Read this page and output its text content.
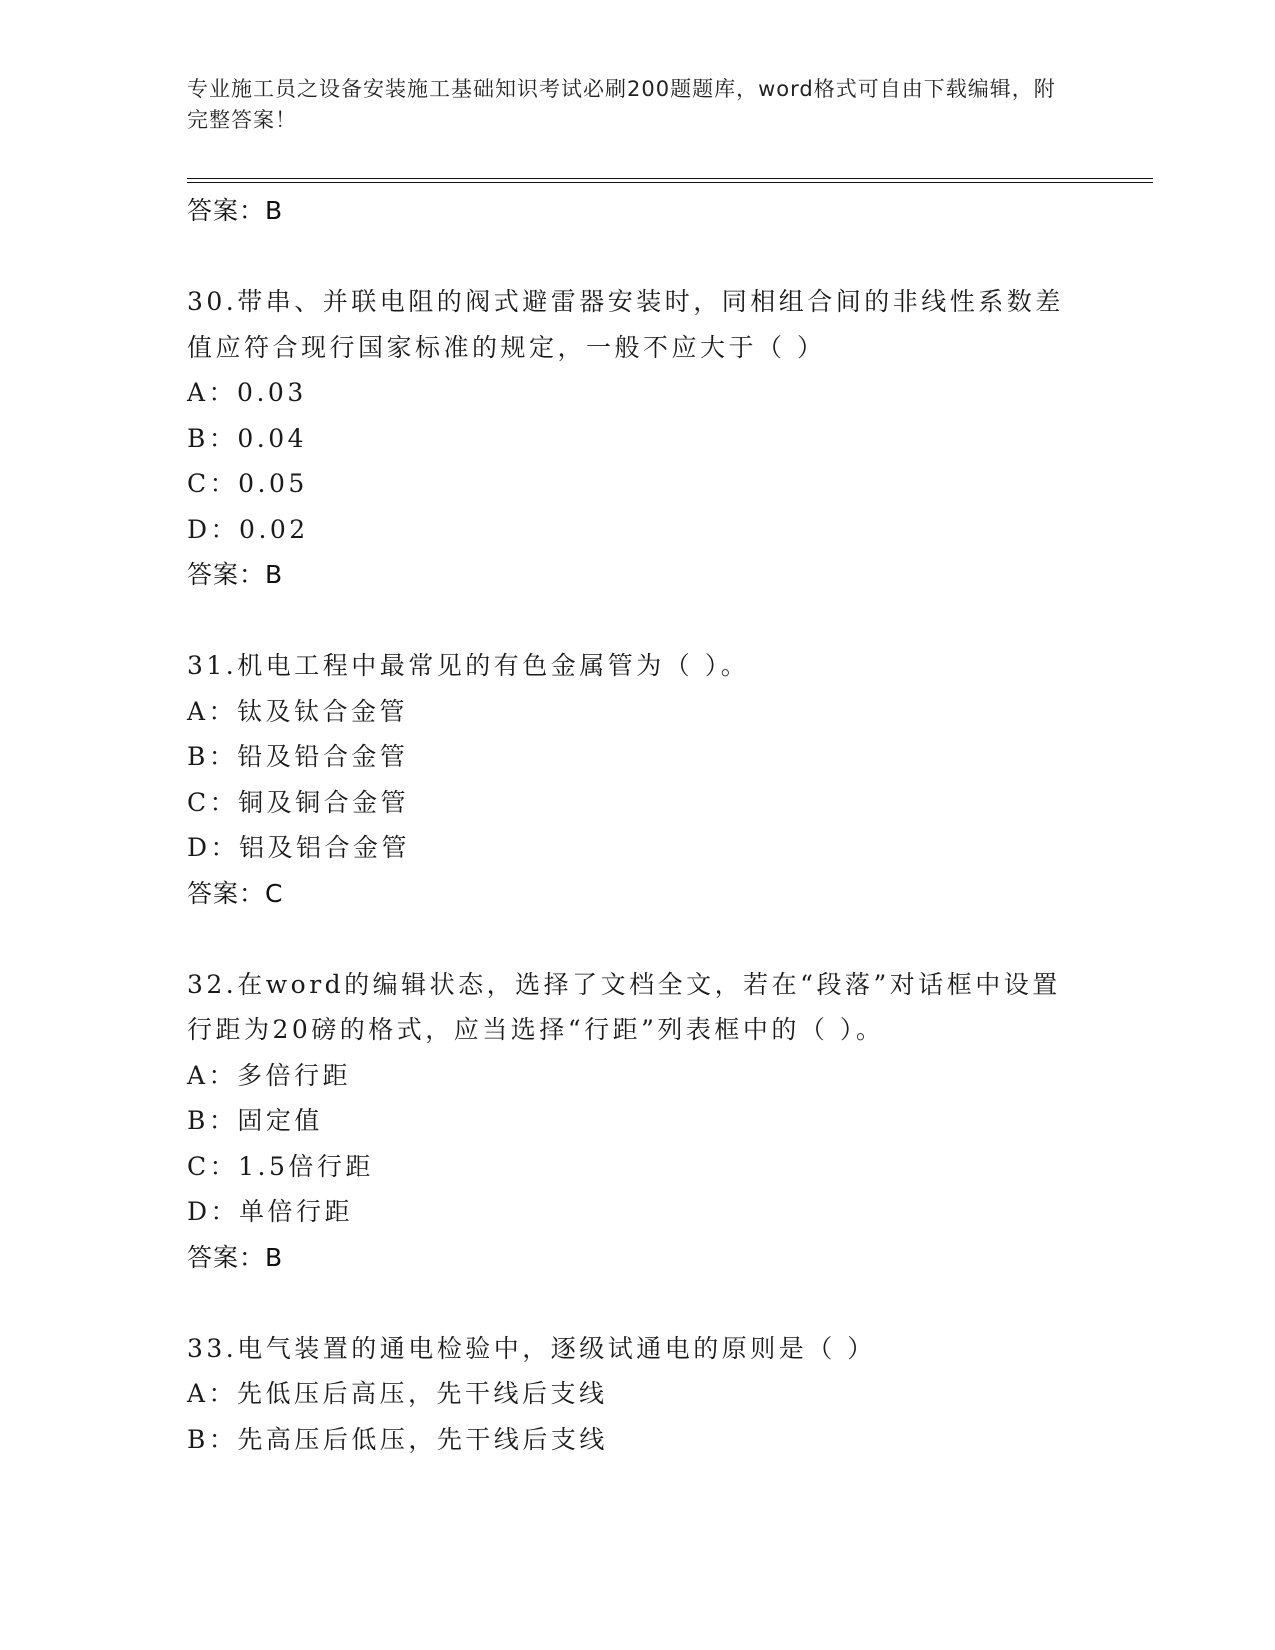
专业施工员之设备安装施工基础知识考试必刷200题题库，word格式可自由下载编辑，附完整答案！
答案：B
30.带串、并联电阻的阀式避雷器安装时，同相组合间的非线性系数差值应符合现行国家标准的规定，一般不应大于（ ）
A：0.03
B：0.04
C：0.05
D：0.02
答案：B
31.机电工程中最常见的有色金属管为（ ）。
A：钛及钛合金管
B：铅及铅合金管
C：铜及铜合金管
D：铝及铝合金管
答案：C
32.在word的编辑状态，选择了文档全文，若在“段落”对话框中设置行距为20磅的格式，应当选择“行距”列表框中的（ ）。
A：多倍行距
B：固定值
C：1.5倍行距
D：单倍行距
答案：B
33.电气装置的通电检验中，逐级试通电的原则是（ ）
A：先低压后高压，先干线后支线
B：先高压后低压，先干线后支线
